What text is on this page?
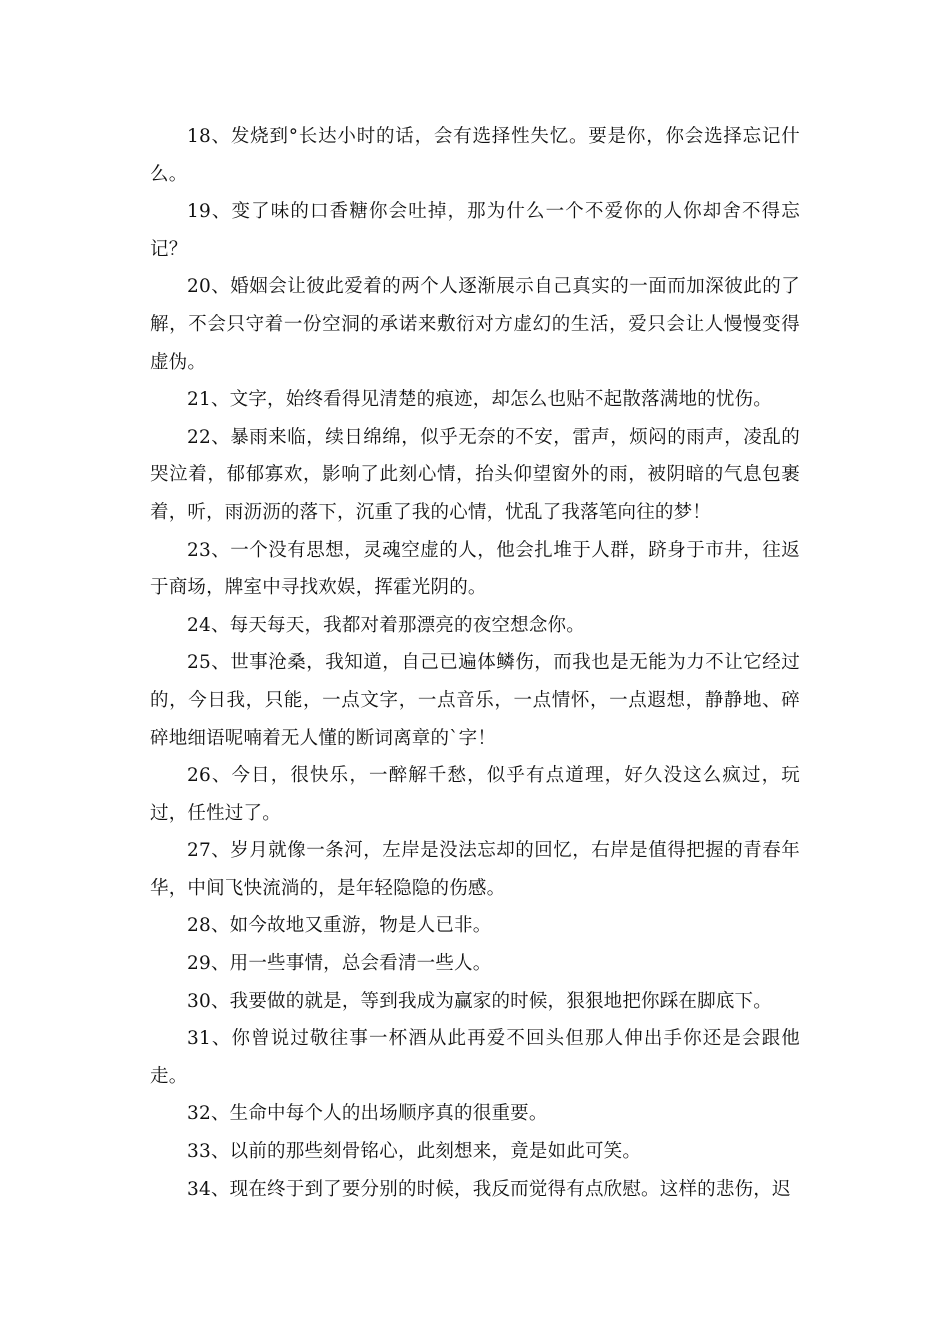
18、发烧到°长达小时的话，会有选择性失忆。要是你，你会选择忘记什么。

19、变了味的口香糖你会吐掉，那为什么一个不爱你的人你却舍不得忘记？

20、婚姻会让彼此爱着的两个人逐渐展示自己真实的一面而加深彼此的了解，不会只守着一份空洞的承诺来敷衍对方虚幻的生活，爱只会让人慢慢变得虚伪。

21、文字，始终看得见清楚的痕迹，却怎么也贴不起散落满地的忧伤。

22、暴雨来临，续日绵绵，似乎无奈的不安，雷声，烦闷的雨声，凌乱的哭泣着，郁郁寡欢，影响了此刻心情，抬头仰望窗外的雨，被阴暗的气息包裹着，听，雨沥沥的落下，沉重了我的心情，忧乱了我落笔向往的梦！

23、一个没有思想，灵魂空虚的人，他会扎堆于人群，跻身于市井，往返于商场，牌室中寻找欢娱，挥霍光阴的。

24、每天每天，我都对着那漂亮的夜空想念你。

25、世事沧桑，我知道，自己已遍体鳞伤，而我也是无能为力不让它经过的，今日我，只能，一点文字，一点音乐，一点情怀，一点遐想，静静地、碎碎地细语呢喃着无人懂的断词离章的`字！

26、今日，很快乐，一醉解千愁，似乎有点道理，好久没这么疯过，玩过，任性过了。

27、岁月就像一条河，左岸是没法忘却的回忆，右岸是值得把握的青春年华，中间飞快流淌的，是年轻隐隐的伤感。

28、如今故地又重游，物是人已非。

29、用一些事情，总会看清一些人。

30、我要做的就是，等到我成为赢家的时候，狠狠地把你踩在脚底下。

31、你曾说过敬往事一杯酒从此再爱不回头但那人伸出手你还是会跟他走。

32、生命中每个人的出场顺序真的很重要。

33、以前的那些刻骨铭心，此刻想来，竟是如此可笑。

34、现在终于到了要分别的时候，我反而觉得有点欣慰。这样的悲伤，迟
